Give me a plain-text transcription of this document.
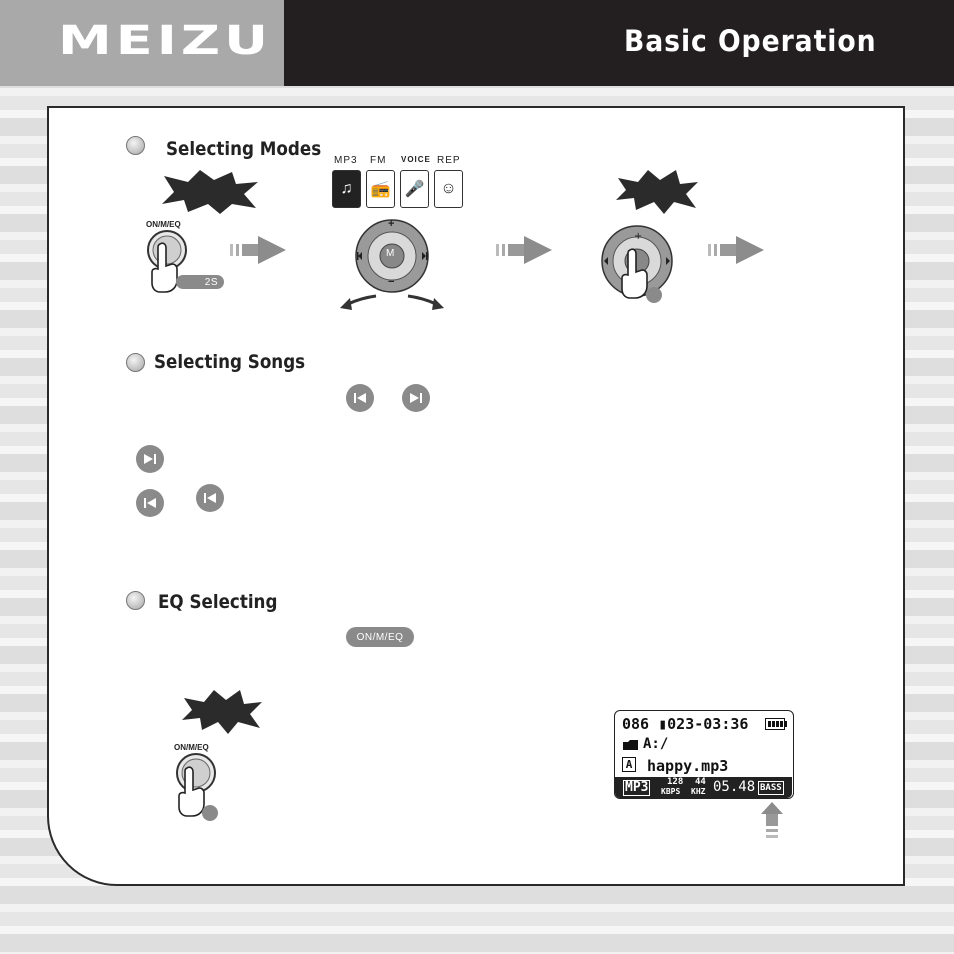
MEIZU	Basic Operation
Selecting Modes
ON/M/EQ
2S
MP3 FM VOICE REP
♫	📻 🎤 ☺
M
+
−
+
Selecting Songs
EQ Selecting
ON/M/EQ
ON/M/EQ
086 ▮023-03:36
A:/
A happy.mp3
MP3 128
KBPS
44
KHZ 05.48 BASS
